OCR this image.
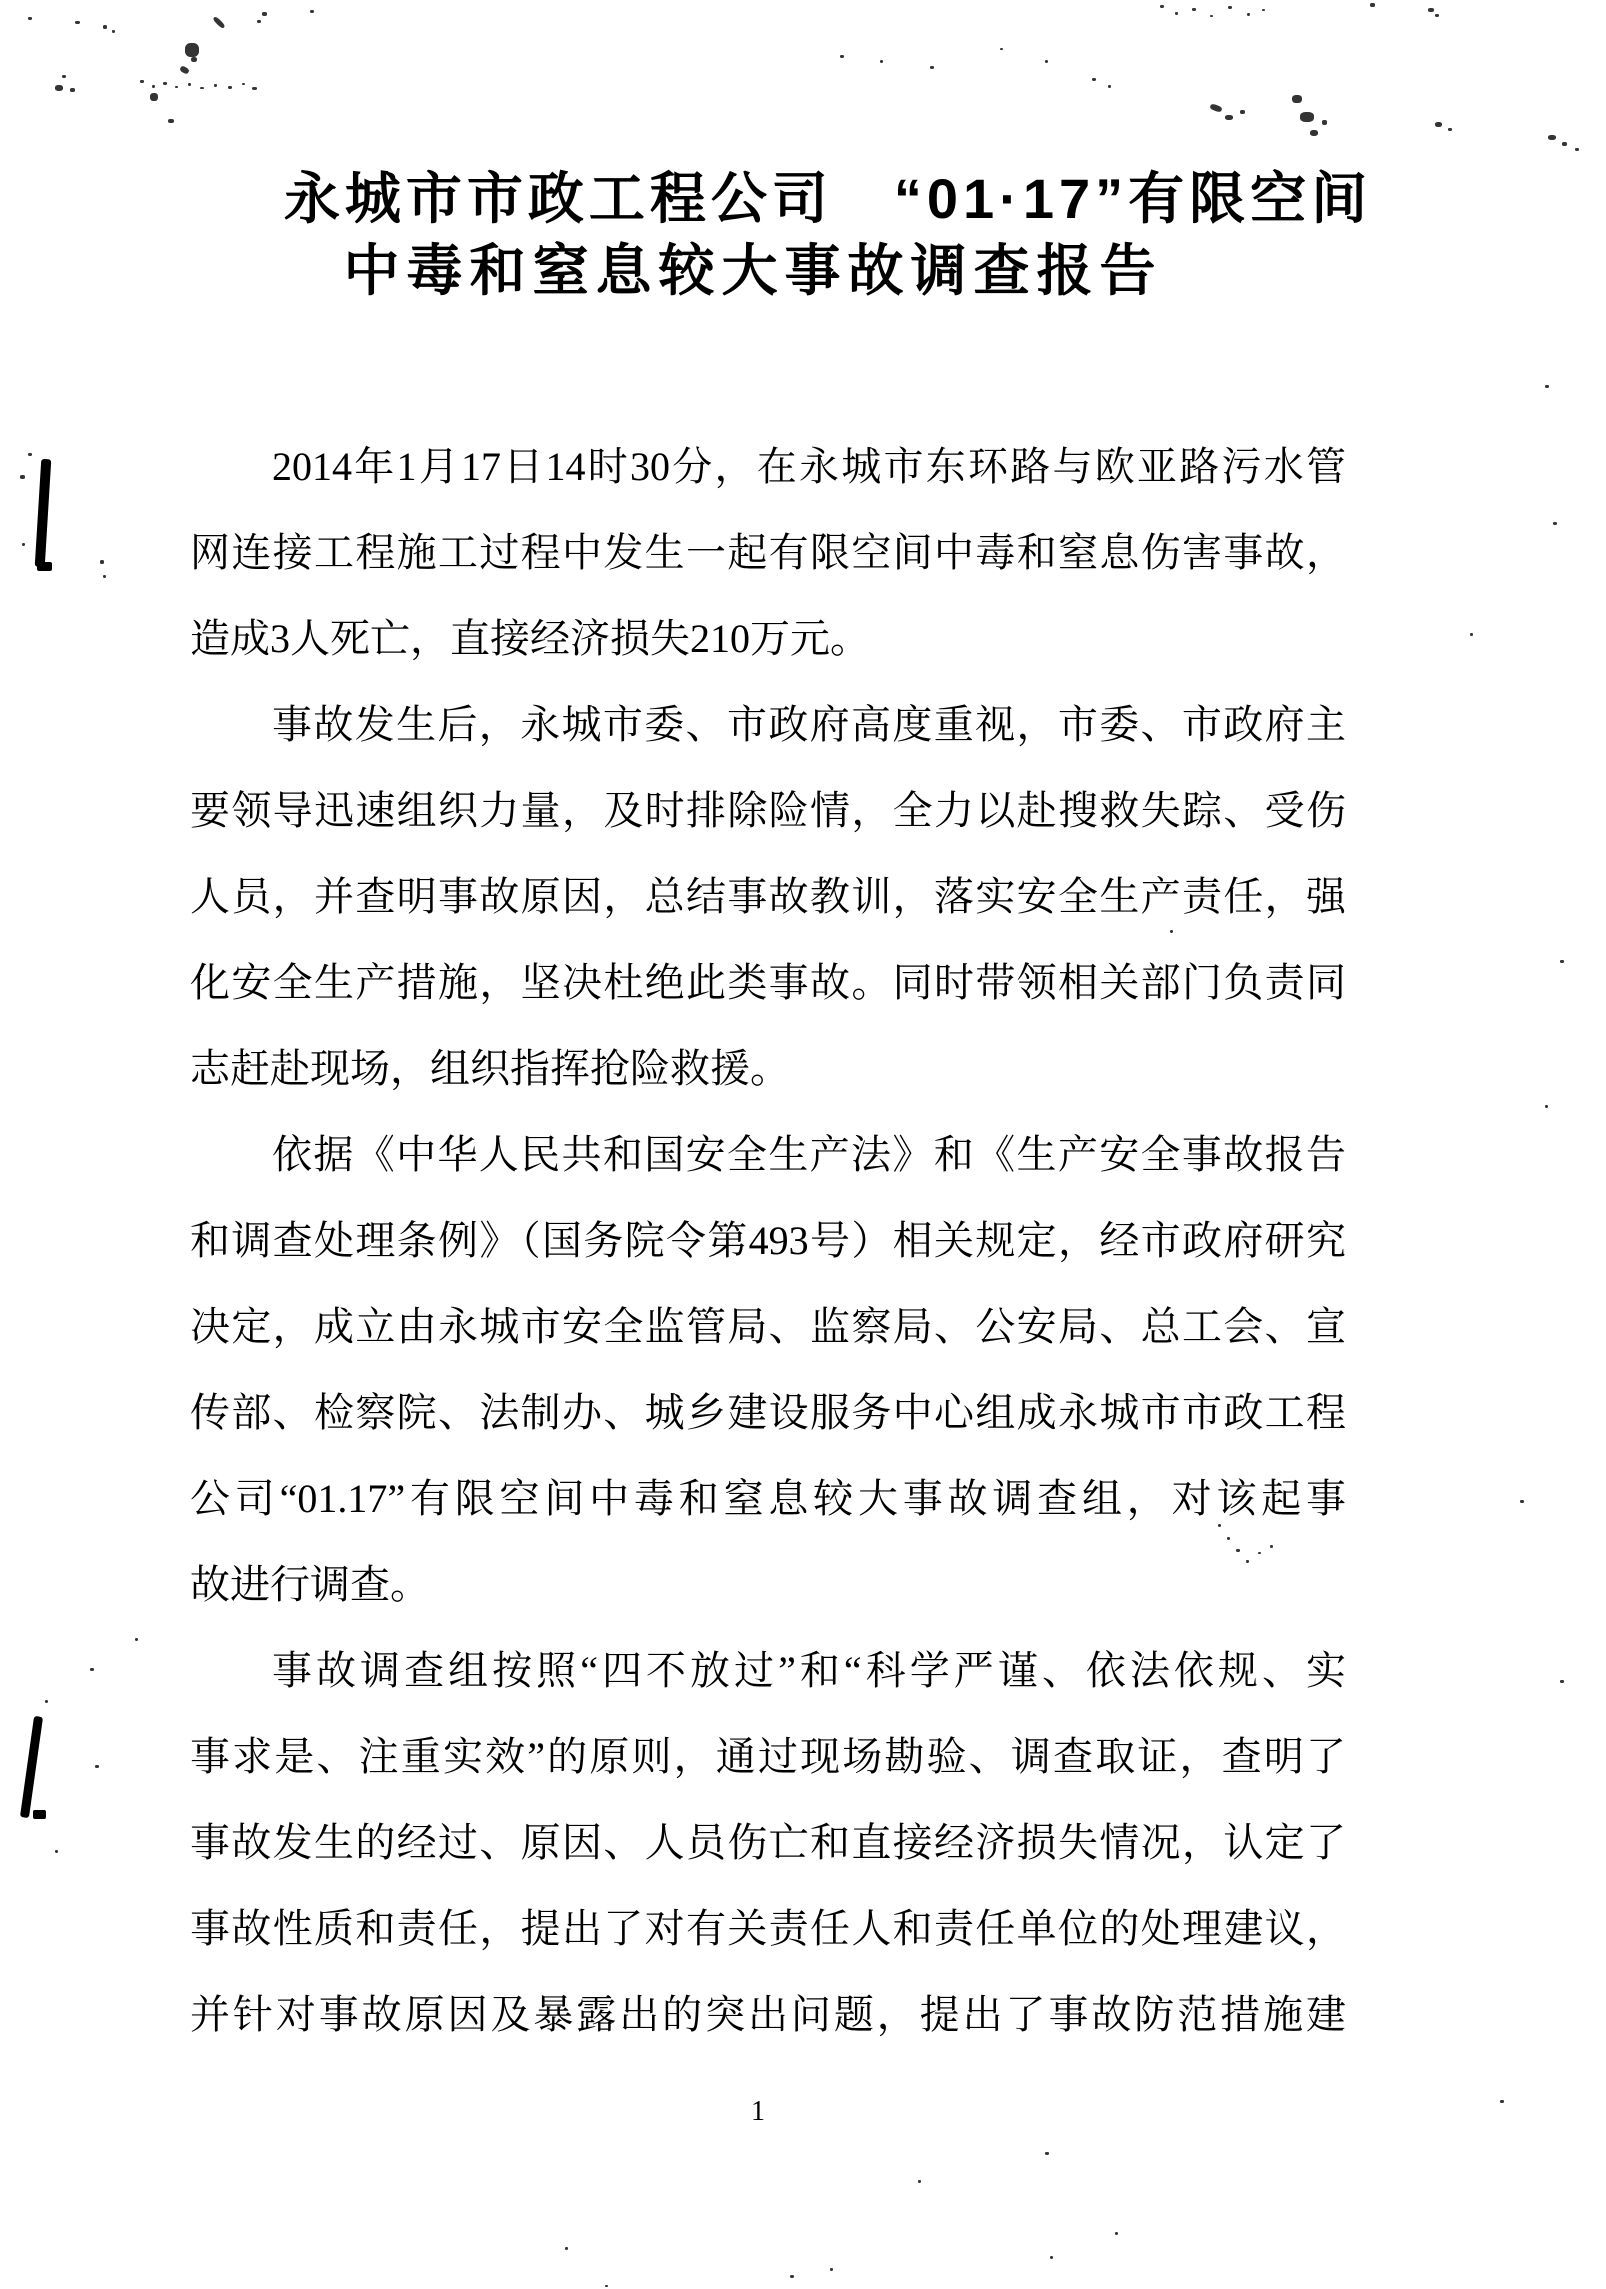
永城市市政工程公司　“01·17”有限空间
中毒和窒息较大事故调查报告
2014年1月17日14时30分，在永城市东环路与欧亚路污水管
网连接工程施工过程中发生一起有限空间中毒和窒息伤害事故，
造成3人死亡，直接经济损失210万元。
事故发生后，永城市委、市政府高度重视，市委、市政府主
要领导迅速组织力量，及时排除险情，全力以赴搜救失踪、受伤
人员，并查明事故原因，总结事故教训，落实安全生产责任，强
化安全生产措施，坚决杜绝此类事故。同时带领相关部门负责同
志赶赴现场，组织指挥抢险救援。
依据《中华人民共和国安全生产法》和《生产安全事故报告
和调查处理条例》（国务院令第493号）相关规定，经市政府研究
决定，成立由永城市安全监管局、监察局、公安局、总工会、宣
传部、检察院、法制办、城乡建设服务中心组成永城市市政工程
公司“01.17”有限空间中毒和窒息较大事故调查组，对该起事
故进行调查。
事故调查组按照“四不放过”和“科学严谨、依法依规、实
事求是、注重实效”的原则，通过现场勘验、调查取证，查明了
事故发生的经过、原因、人员伤亡和直接经济损失情况，认定了
事故性质和责任，提出了对有关责任人和责任单位的处理建议，
并针对事故原因及暴露出的突出问题，提出了事故防范措施建
1
